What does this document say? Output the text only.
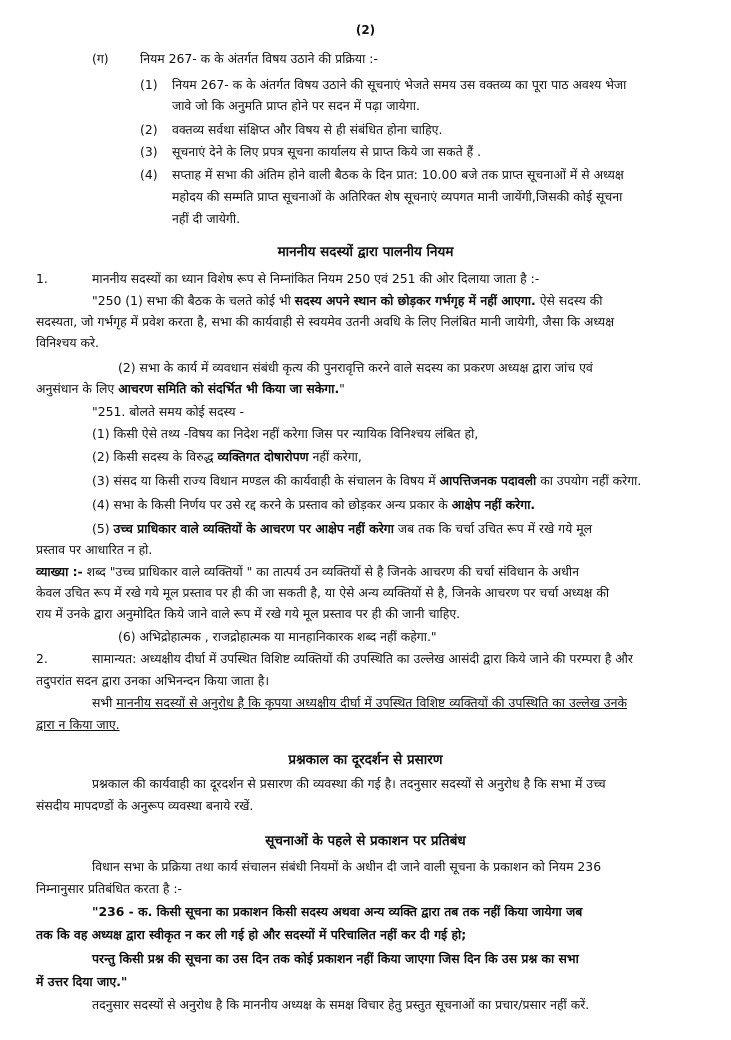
(2)
(ग)	नियम 267- क के अंतर्गत विषय उठाने की प्रक्रिया :-
(1) नियम 267- क के अंतर्गत विषय उठाने की सूचनाएं भेजते समय उस वक्तव्य का पूरा पाठ अवश्य भेजा
जावे जो कि अनुमति प्राप्त होने पर सदन में पढ़ा जायेगा.
(2) वक्तव्य सर्वथा संक्षिप्त और विषय से ही संबंधित होना चाहिए.
(3) सूचनाएं देने के लिए प्रपत्र सूचना कार्यालय से प्राप्त किये जा सकते हैं .
(4) सप्ताह में सभा की अंतिम होने वाली बैठक के दिन प्रात: 10.00 बजे तक प्राप्त सूचनाओं में से अध्यक्ष
महोदय की सम्मति प्राप्त सूचनाओं के अतिरिक्त शेष सूचनाएं व्यपगत मानी जायेंगी,जिसकी कोई सूचना
नहीं दी जायेगी.
माननीय सदस्यों द्वारा पालनीय नियम
1.	माननीय सदस्यों का ध्यान विशेष रूप से निम्नांकित नियम 250 एवं 251 की ओर दिलाया जाता है :-
"250 (1) सभा की बैठक के चलते कोई भी सदस्य अपने स्थान को छोड़कर गर्भगृह में नहीं आएगा. ऐसे सदस्य की
सदस्यता, जो गर्भगृह में प्रवेश करता है, सभा की कार्यवाही से स्वयमेव उतनी अवधि के लिए निलंबित मानी जायेगी, जैसा कि अध्यक्ष
विनिश्चय करे.
(2) सभा के कार्य में व्यवधान संबंधी कृत्य की पुनरावृत्ति करने वाले सदस्य का प्रकरण अध्यक्ष द्वारा जांच एवं
अनुसंधान के लिए आचरण समिति को संदर्भित भी किया जा सकेगा."
"251. बोलते समय कोई सदस्य -
(1) किसी ऐसे तथ्य -विषय का निदेश नहीं करेगा जिस पर न्यायिक विनिश्चय लंबित हो,
(2) किसी सदस्य के विरुद्ध व्यक्तिगत दोषारोपण नहीं करेगा,
(3) संसद या किसी राज्य विधान मण्डल की कार्यवाही के संचालन के विषय में आपत्तिजनक पदावली का उपयोग नहीं करेगा.
(4) सभा के किसी निर्णय पर उसे रद्द करने के प्रस्ताव को छोड़कर अन्य प्रकार के आक्षेप नहीं करेगा.
(5) उच्च प्राधिकार वाले व्यक्तियों के आचरण पर आक्षेप नहीं करेगा जब तक कि चर्चा उचित रूप में रखे गये मूल
प्रस्ताव पर आधारित न हो.
व्याख्या :- शब्द "उच्च प्राधिकार वाले व्यक्तियों " का तात्पर्य उन व्यक्तियों से है जिनके आचरण की चर्चा संविधान के अधीन
केवल उचित रूप में रखे गये मूल प्रस्ताव पर ही की जा सकती है, या ऐसे अन्य व्यक्तियों से है, जिनके आचरण पर चर्चा अध्यक्ष की
राय में उनके द्वारा अनुमोदित किये जाने वाले रूप में रखे गये मूल प्रस्ताव पर ही की जानी चाहिए.
(6) अभिद्रोहात्मक , राजद्रोहात्मक या मानहानिकारक शब्द नहीं कहेगा."
2.	सामान्यत: अध्यक्षीय दीर्घा में उपस्थित विशिष्ट व्यक्तियों की उपस्थिति का उल्लेख आसंदी द्वारा किये जाने की परम्परा है और
तदुपरांत सदन द्वारा उनका अभिनन्दन किया जाता है।
सभी माननीय सदस्यों से अनुरोध है कि कृपया अध्यक्षीय दीर्घा में उपस्थित विशिष्ट व्यक्तियों की उपस्थिति का उल्लेख उनके
द्वारा न किया जाए.
प्रश्नकाल का दूरदर्शन से प्रसारण
प्रश्नकाल की कार्यवाही का दूरदर्शन से प्रसारण की व्यवस्था की गई है। तदनुसार सदस्यों से अनुरोध है कि सभा में उच्च
संसदीय मापदण्डों के अनुरूप व्यवस्था बनाये रखें.
सूचनाओं के पहले से प्रकाशन पर प्रतिबंध
विधान सभा के प्रक्रिया तथा कार्य संचालन संबंधी नियमों के अधीन दी जाने वाली सूचना के प्रकाशन को नियम 236
निम्नानुसार प्रतिबंधित करता है :-
"236 - क. किसी सूचना का प्रकाशन किसी सदस्य अथवा अन्य व्यक्ति द्वारा तब तक नहीं किया जायेगा जब
तक कि वह अध्यक्ष द्वारा स्वीकृत न कर ली गई हो और सदस्यों में परिचालित नहीं कर दी गई हो;
परन्तु किसी प्रश्न की सूचना का उस दिन तक कोई प्रकाशन नहीं किया जाएगा जिस दिन कि उस प्रश्न का सभा
में उत्तर दिया जाए."
तदनुसार सदस्यों से अनुरोध है कि माननीय अध्यक्ष के समक्ष विचार हेतु प्रस्तुत सूचनाओं का प्रचार/प्रसार नहीं करें.
